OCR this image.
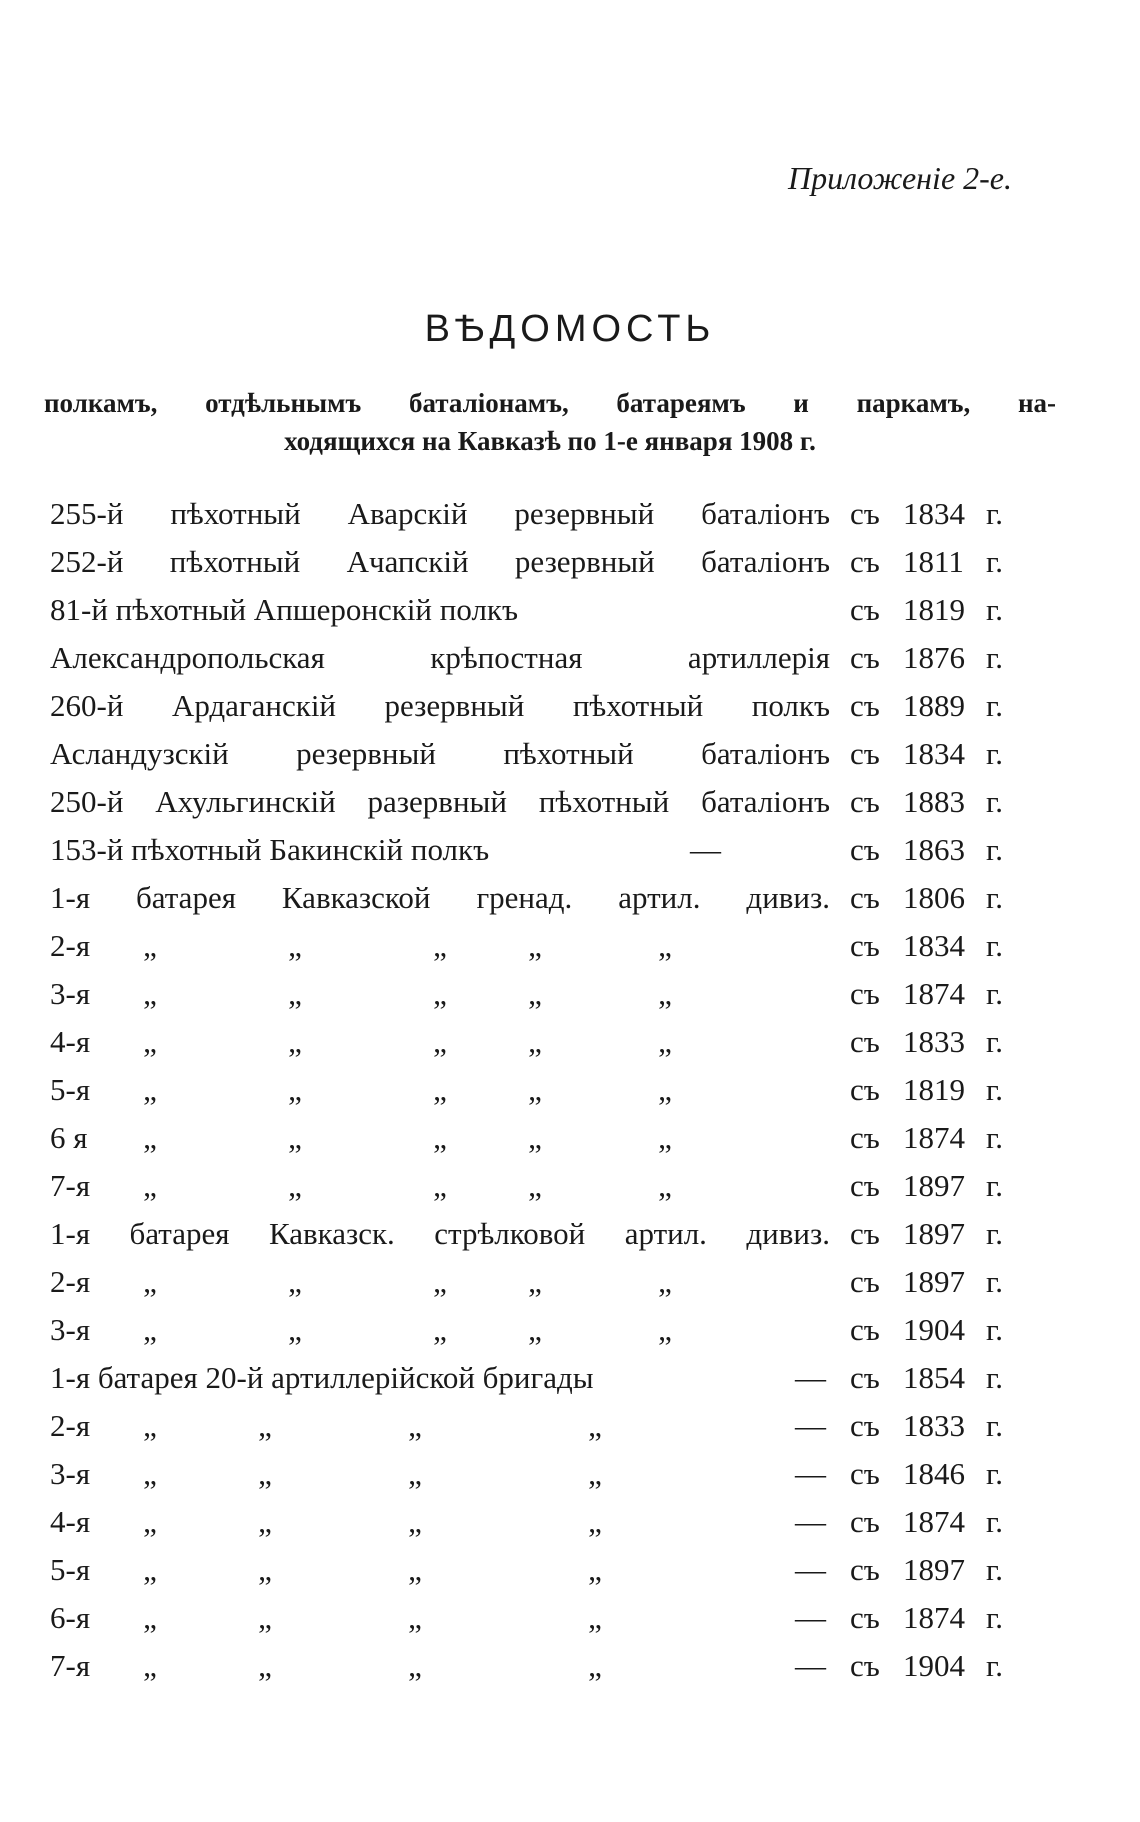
Приложенiе 2-е.
ВѢДОМОСТЬ
полкамъ, отдѣльнымъ баталiонамъ, батареямъ и паркамъ, на-
ходящихся на Кавказѣ по 1-е января 1908 г.
255-й пѣхотный Аварскiй резервный баталiонъ съ 1834 г.
252-й пѣхотный Ачапскiй резервный баталiонъ съ 1811 г.
81-й пѣхотный Апшеронскiй полкъ	съ 1819 г.
Александропольская крѣпостная артиллерiя съ 1876 г.
260-й Ардаганскiй резервный пѣхотный полкъ съ 1889 г.
Асландузскiй резервный пѣхотный баталiонъ съ 1834 г.
250-й Ахульгинскiй разервный пѣхотный баталiонъ съ 1883 г.
153-й пѣхотный Бакинскiй полкъ	—	съ 1863 г.
1-я батарея Кавказской гренад. артил. дивиз. съ 1806 г.
2-я „	„	„	„	„	съ 1834 г.
3-я „	„	„	„	„	съ 1874 г.
4-я „	„	„	„	„	съ 1833 г.
5-я „	„	„	„	„	съ 1819 г.
6 я „	„	„	„	„	съ 1874 г.
7-я „	„	„	„	„	съ 1897 г.
1-я батарея Кавказск. стрѣлковой артил. дивиз. съ 1897 г.
2-я „	„	„	„	„	съ 1897 г.
3-я „	„	„	„	„	съ 1904 г.
1-я батарея 20-й артиллерiйской бригады	— съ 1854 г.
2-я „	„	„	„	— съ 1833 г.
3-я „	„	„	„	— съ 1846 г.
4-я „	„	„	„	— съ 1874 г.
5-я „	„	„	„	— съ 1897 г.
6-я „	„	„	„	— съ 1874 г.
7-я „	„	„	„	— съ 1904 г.
